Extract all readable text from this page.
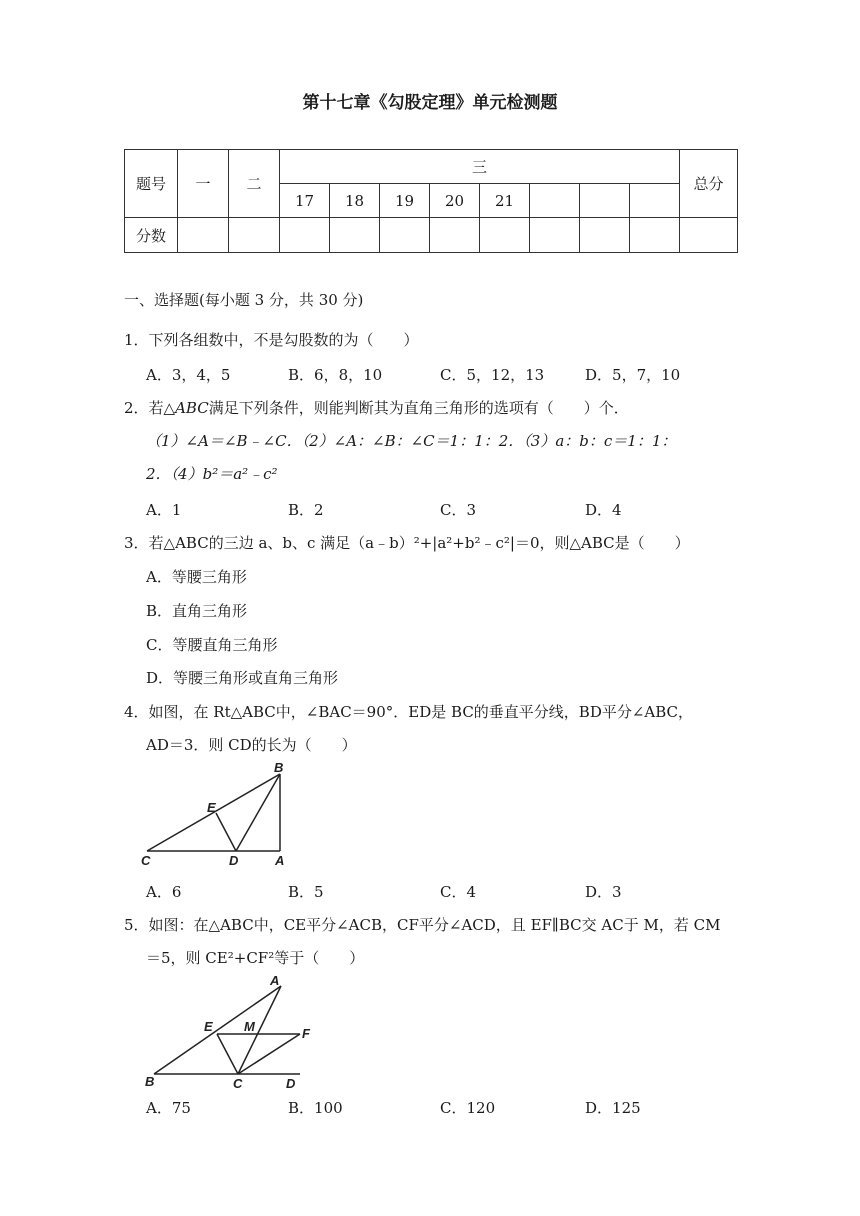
第十七章《勾股定理》单元检测题
题号	一	二	三								总分
			17	18	19	20	21				
分数											
一、选择题(每小题 3 分，共 30 分)
1．下列各组数中，不是勾股数的为（　　）
A．3，4，5	B．6，8，10	C．5，12，13	D．5，7，10
2．若△ABC满足下列条件，则能判断其为直角三角形的选项有（　　）个．
（1）∠A＝∠B﹣∠C．（2）∠A：∠B：∠C＝1：1：2．（3）a：b：c＝1：1：
2．（4）b²＝a²﹣c²
A．1	B．2	C．3	D．4
3．若△ABC的三边 a、b、c 满足（a﹣b）²+|a²+b²﹣c²|＝0，则△ABC是（　　）
A．等腰三角形
B．直角三角形
C．等腰直角三角形
D．等腰三角形或直角三角形
4．如图，在 Rt△ABC中，∠BAC＝90°．ED是 BC的垂直平分线，BD平分∠ABC，
AD＝3．则 CD的长为（　　）
B
E
C	D	A
A．6	B．5	C．4	D．3
5．如图：在△ABC中，CE平分∠ACB，CF平分∠ACD，且 EF∥BC交 AC于 M，若 CM
＝5，则 CE²+CF²等于（　　）
A
E M	F
B	C	D
A．75	B．100	C．120	D．125
